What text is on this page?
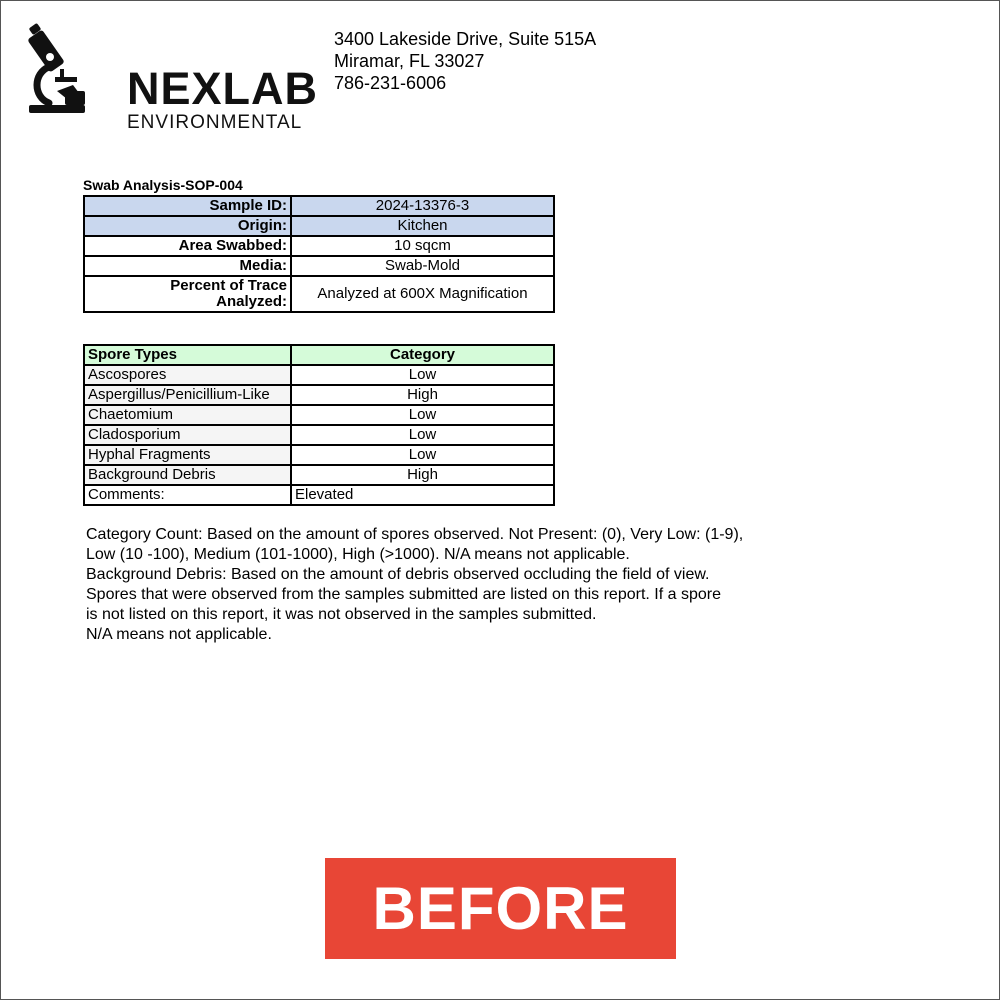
NEXLAB
ENVIRONMENTAL
3400 Lakeside Drive, Suite 515A
Miramar, FL 33027
786-231-6006
Swab Analysis-SOP-004
Sample ID:	2024-13376-3
Origin:	Kitchen
Area Swabbed:	10 sqcm
Media:	Swab-Mold

Percent of Trace
Analyzed:	Analyzed at 600X Magnification
Spore Types	Category
Ascospores	Low
Aspergillus/Penicillium-Like	High
Chaetomium	Low
Cladosporium	Low
Hyphal Fragments	Low
Background Debris	High
Comments:	Elevated
Category Count: Based on the amount of spores observed. Not Present: (0), Very Low: (1-9),
Low (10 -100), Medium (101-1000), High (>1000). N/A means not applicable.
Background Debris: Based on the amount of debris observed occluding the field of view.
Spores that were observed from the samples submitted are listed on this report. If a spore
is not listed on this report, it was not observed in the samples submitted.
N/A means not applicable.
BEFORE
